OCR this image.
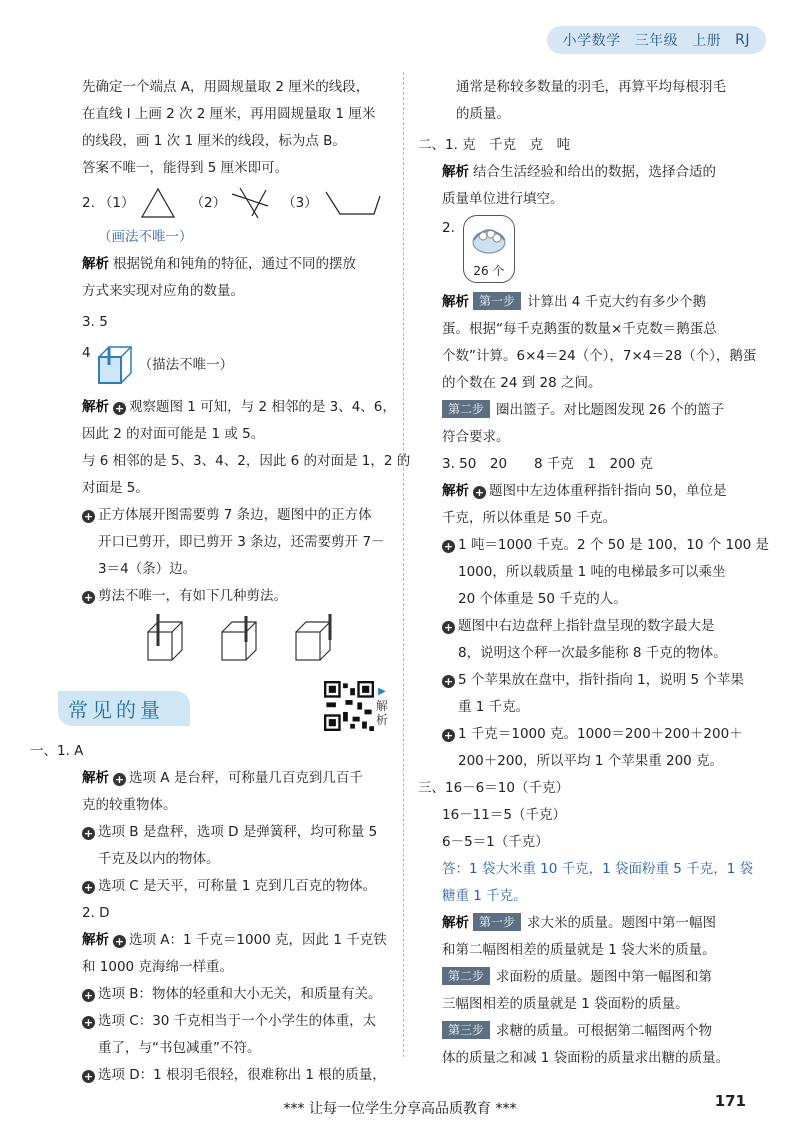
小学数学 三年级 上册 RJ
先确定一个端点 A，用圆规量取 2 厘米的线段，
在直线 l 上画 2 次 2 厘米，再用圆规量取 1 厘米
的线段，画 1 次 1 厘米的线段，标为点 B。
答案不唯一，能得到 5 厘米即可。
2. （1）	（2）	（3）
（画法不唯一）
解析 根据锐角和钝角的特征，通过不同的摆放
方式来实现对应角的数量。
3. 5
4
（描法不唯一）
解析 + 观察题图 1 可知，与 2 相邻的是 3、4、6，
因此 2 的对面可能是 1 或 5。
与 6 相邻的是 5、3、4、2，因此 6 的对面是 1，2 的
对面是 5。
+ 正方体展开图需要剪 7 条边，题图中的正方体
开口已剪开，即已剪开 3 条边，还需要剪开 7－
3＝4（条）边。
+ 剪法不唯一，有如下几种剪法。
常见的量
▶
解
析
一、1. A
解析 + 选项 A 是台秤，可称量几百克到几百千
克的较重物体。
+ 选项 B 是盘秤，选项 D 是弹簧秤，均可称量 5
千克及以内的物体。
+ 选项 C 是天平，可称量 1 克到几百克的物体。
2. D
解析 + 选项 A：1 千克＝1000 克，因此 1 千克铁
和 1000 克海绵一样重。
+ 选项 B：物体的轻重和大小无关，和质量有关。
+ 选项 C：30 千克相当于一个小学生的体重，太
重了，与“书包减重”不符。
+ 选项 D：1 根羽毛很轻，很难称出 1 根的质量，
通常是称较多数量的羽毛，再算平均每根羽毛
的质量。
二、1. 克　千克　克　吨
解析 结合生活经验和给出的数据，选择合适的
质量单位进行填空。
2.
26 个
解析 第一步 计算出 4 千克大约有多少个鹅
蛋。根据“每千克鹅蛋的数量×千克数＝鹅蛋总
个数”计算。6×4＝24（个），7×4＝28（个），鹅蛋
的个数在 24 到 28 之间。
第二步 圈出篮子。对比题图发现 26 个的篮子
符合要求。
3. 50　20　　8 千克　1　200 克
解析 + 题图中左边体重秤指针指向 50，单位是
千克，所以体重是 50 千克。
+ 1 吨＝1000 千克。2 个 50 是 100，10 个 100 是
1000，所以载质量 1 吨的电梯最多可以乘坐
20 个体重是 50 千克的人。
+ 题图中右边盘秤上指针盘呈现的数字最大是
8，说明这个秤一次最多能称 8 千克的物体。
+ 5 个苹果放在盘中，指针指向 1，说明 5 个苹果
重 1 千克。
+ 1 千克＝1000 克。1000＝200＋200＋200＋
200＋200，所以平均 1 个苹果重 200 克。
三、16－6＝10（千克）
16－11＝5（千克）
6－5＝1（千克）
答：1 袋大米重 10 千克，1 袋面粉重 5 千克，1 袋
糖重 1 千克。
解析 第一步 求大米的质量。题图中第一幅图
和第二幅图相差的质量就是 1 袋大米的质量。
第二步 求面粉的质量。题图中第一幅图和第
三幅图相差的质量就是 1 袋面粉的质量。
第三步 求糖的质量。可根据第二幅图两个物
体的质量之和减 1 袋面粉的质量求出糖的质量。
*** 让每一位学生分享高品质教育 ***	171
